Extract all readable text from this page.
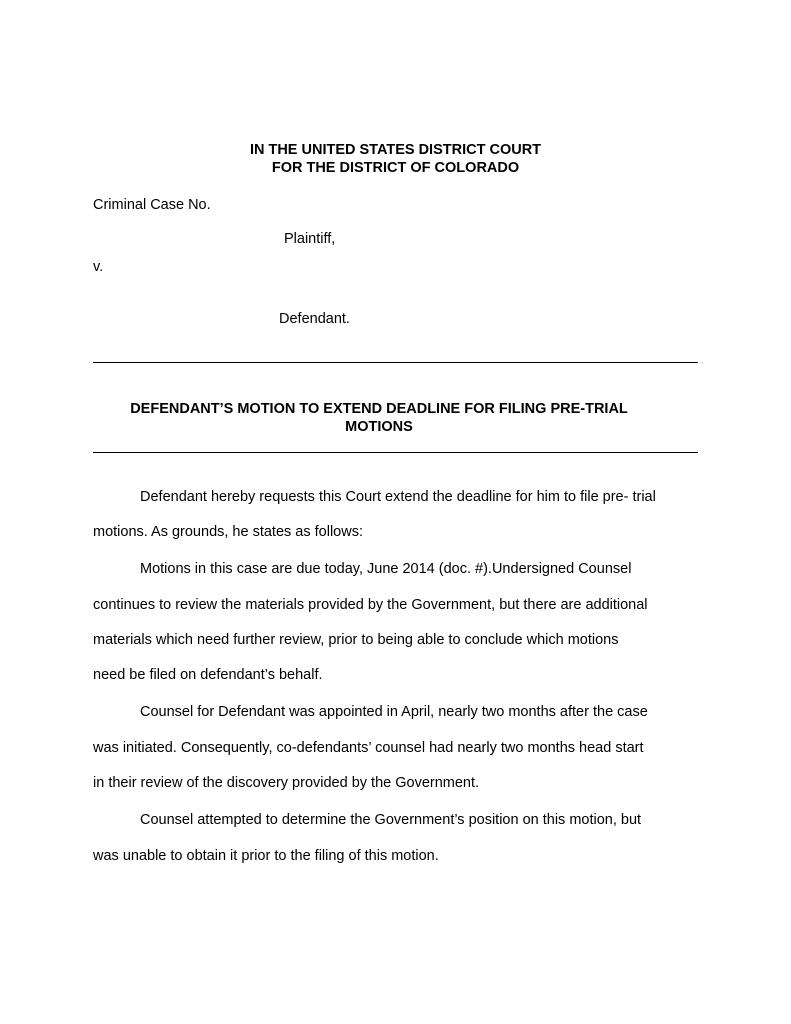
IN THE UNITED STATES DISTRICT COURT
FOR THE DISTRICT OF COLORADO
Criminal Case No.
Plaintiff,
v.
Defendant.
DEFENDANT’S MOTION TO EXTEND DEADLINE FOR FILING PRE-TRIAL
MOTIONS
Defendant hereby requests this Court extend the deadline for him to file pre- trial
motions. As grounds, he states as follows:
Motions in this case are due today, June 2014 (doc. #).Undersigned Counsel
continues to review the materials provided by the Government, but there are additional
materials which need further review, prior to being able to conclude which motions
need be filed on defendant’s behalf.
Counsel for Defendant was appointed in April, nearly two months after the case
was initiated. Consequently, co-defendants’ counsel had nearly two months head start
in their review of the discovery provided by the Government.
Counsel attempted to determine the Government’s position on this motion, but
was unable to obtain it prior to the filing of this motion.
